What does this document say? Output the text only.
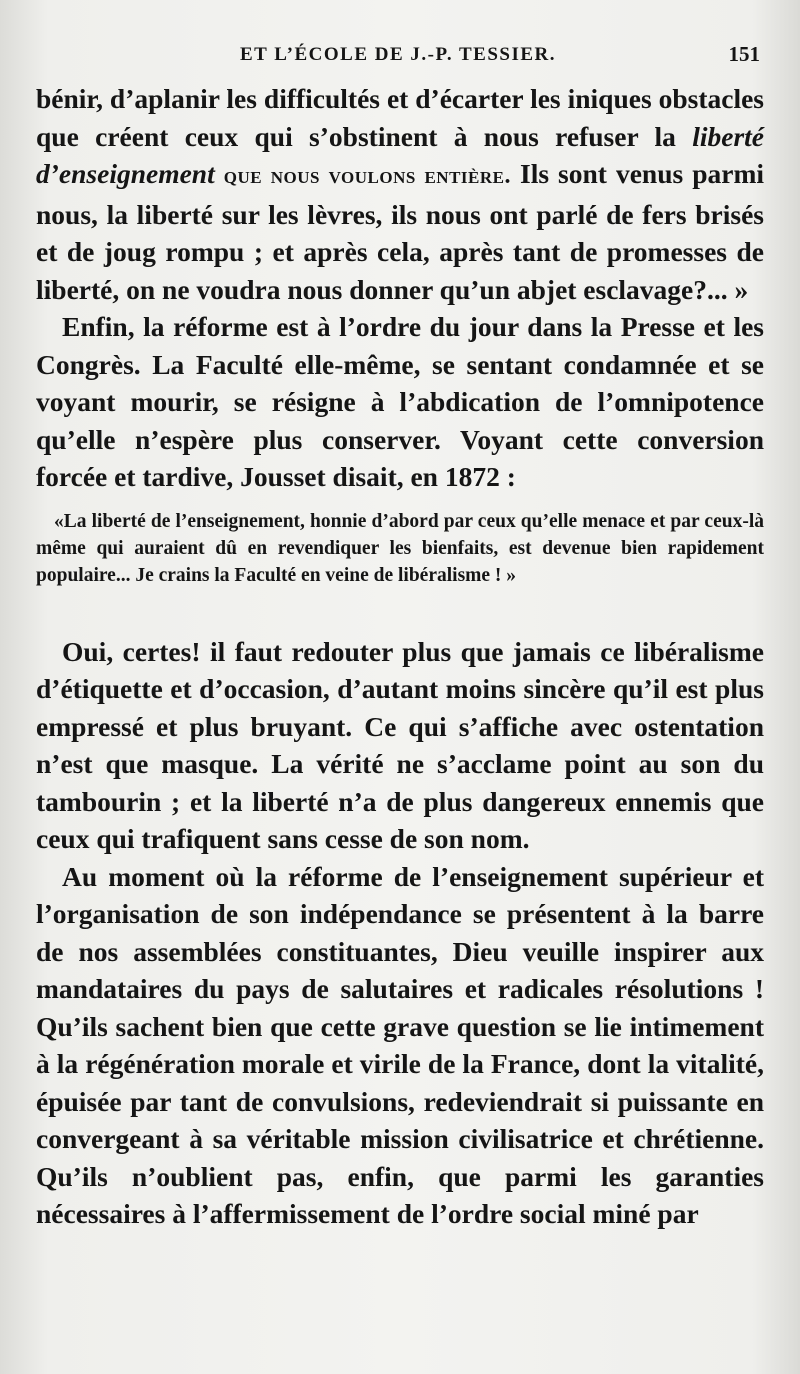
ET L’ÉCOLE DE J.-P. TESSIER.	151

bénir, d’aplanir les difficultés et d’écarter les iniques obstacles que créent ceux qui s’obstinent à nous refuser la liberté d’enseignement que nous voulons entière. Ils sont venus parmi nous, la liberté sur les lèvres, ils nous ont parlé de fers brisés et de joug rompu ; et après cela, après tant de promesses de liberté, on ne voudra nous donner qu’un abjet esclavage?... »

Enfin, la réforme est à l’ordre du jour dans la Presse et les Congrès. La Faculté elle-même, se sentant condamnée et se voyant mourir, se résigne à l’abdication de l’omnipotence qu’elle n’espère plus conserver. Voyant cette conversion forcée et tardive, Jousset disait, en 1872 :

«La liberté de l’enseignement, honnie d’abord par ceux qu’elle menace et par ceux-là même qui auraient dû en revendiquer les bienfaits, est devenue bien rapidement populaire... Je crains la Faculté en veine de libéralisme ! »

Oui, certes! il faut redouter plus que jamais ce libéralisme d’étiquette et d’occasion, d’autant moins sincère qu’il est plus empressé et plus bruyant. Ce qui s’affiche avec ostentation n’est que masque. La vérité ne s’acclame point au son du tambourin ; et la liberté n’a de plus dangereux ennemis que ceux qui trafiquent sans cesse de son nom.

Au moment où la réforme de l’enseignement supérieur et l’organisation de son indépendance se présentent à la barre de nos assemblées constituantes, Dieu veuille inspirer aux mandataires du pays de salutaires et radicales résolutions ! Qu’ils sachent bien que cette grave question se lie intimement à la régénération morale et virile de la France, dont la vitalité, épuisée par tant de convulsions, redeviendrait si puissante en convergeant à sa véritable mission civilisatrice et chrétienne. Qu’ils n’oublient pas, enfin, que parmi les garanties nécessaires à l’affermissement de l’ordre social miné par
